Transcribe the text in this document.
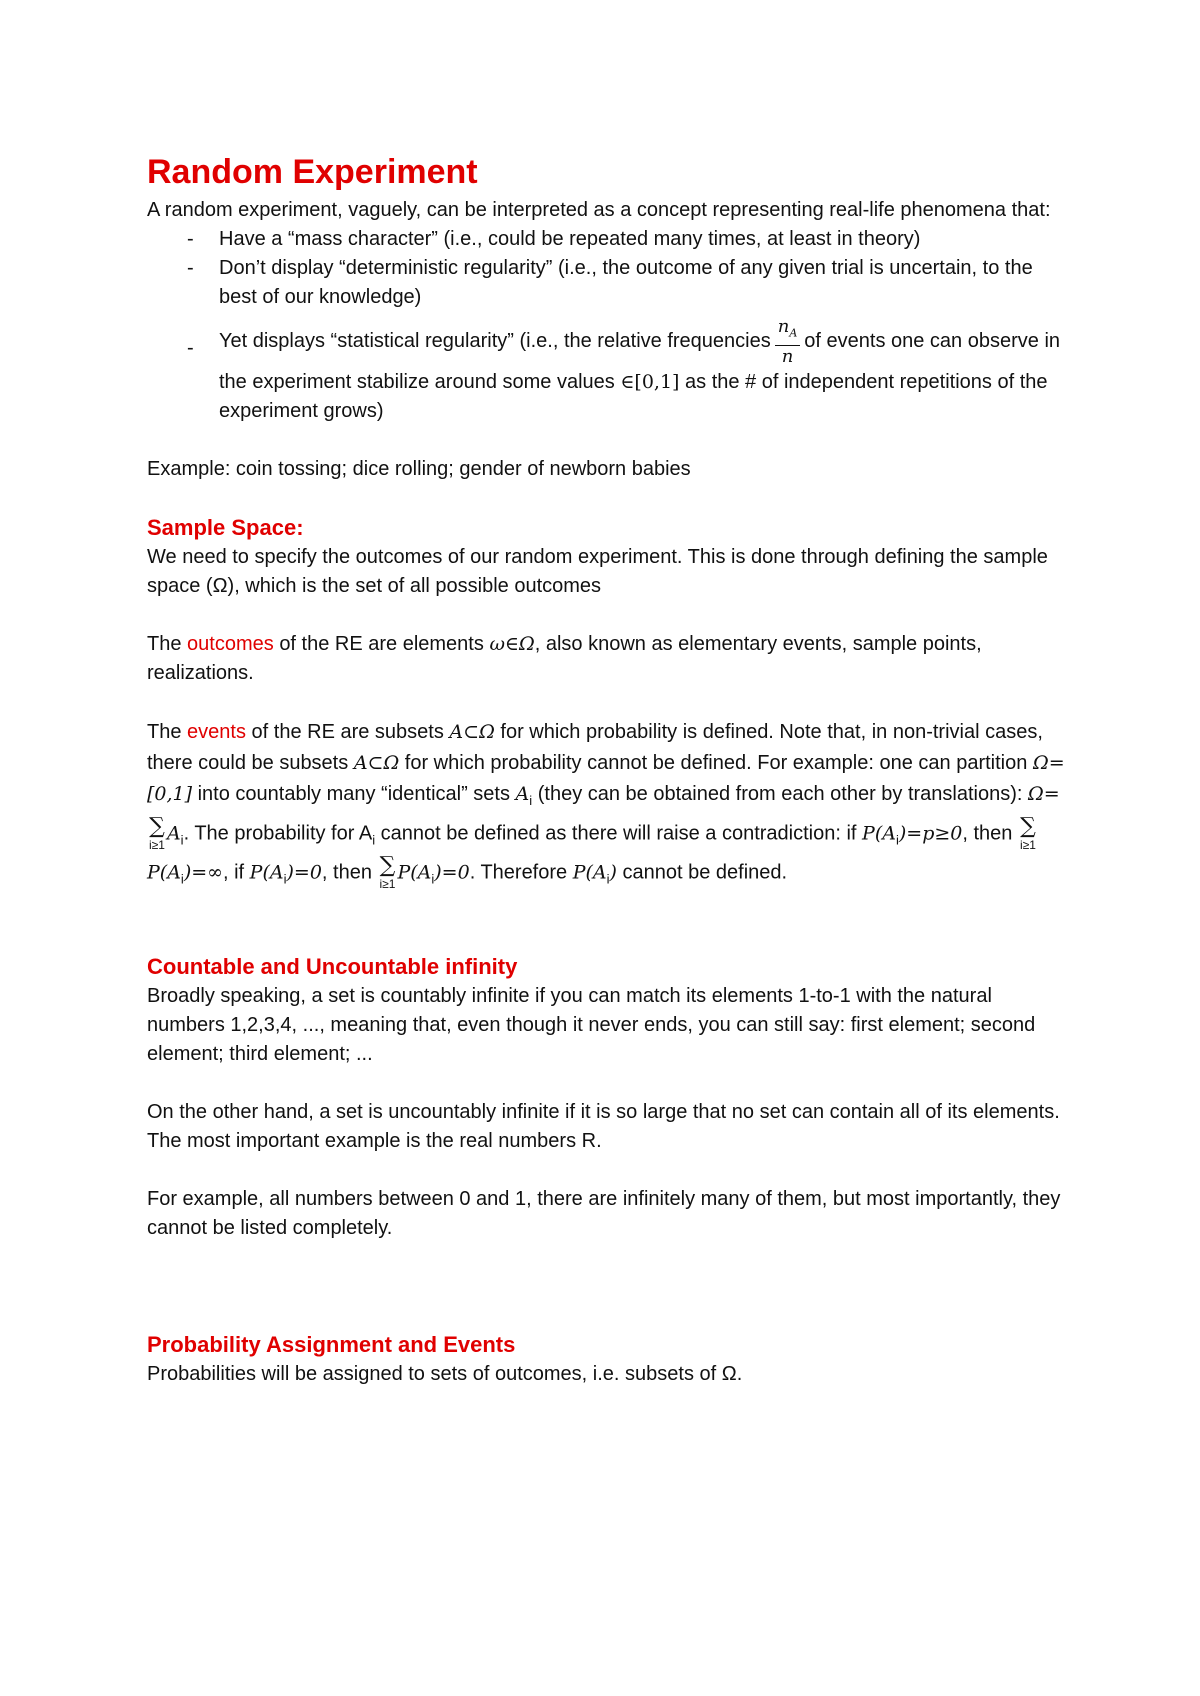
Random Experiment

A random experiment, vaguely, can be interpreted as a concept representing real-life phenomena that:

- Have a “mass character” (i.e., could be repeated many times, at least in theory)
- Don’t display “deterministic regularity” (i.e., the outcome of any given trial is uncertain, to the best of our knowledge)
- Yet displays “statistical regularity” (i.e., the relative frequencies $\frac{n_A}{n}$ of events one can observe in the experiment stabilize around some values ∈[0,1] as the # of independent repetitions of the experiment grows)

Example: coin tossing; dice rolling; gender of newborn babies

Sample Space:

We need to specify the outcomes of our random experiment. This is done through defining the sample space (Ω), which is the set of all possible outcomes

The outcomes of the RE are elements ω∈Ω, also known as elementary events, sample points, realizations.

The events of the RE are subsets A⊂Ω for which probability is defined. Note that, in non-trivial cases, there could be subsets A⊂Ω for which probability cannot be defined. For example: one can partition Ω=[0,1] into countably many “identical” sets $A_i$ (they can be obtained from each other by translations): Ω=
∑
i≥1
$A_i$. The probability for $A_i$ cannot be defined as there will raise a contradiction: if $P(A_i)=p\ge 0$, then ∑
i≥1
$P(A_i)=\infty$, if $P(A_i)=0$, then ∑
i≥1
$P(A_i)=0$. Therefore $P(A_i)$ cannot be defined.

Countable and Uncountable infinity

Broadly speaking, a set is countably infinite if you can match its elements 1-to-1 with the natural numbers 1,2,3,4, ..., meaning that, even though it never ends, you can still say: first element; second element; third element; ...

On the other hand, a set is uncountably infinite if it is so large that no set can contain all of its elements. The most important example is the real numbers R.

For example, all numbers between 0 and 1, there are infinitely many of them, but most importantly, they cannot be listed completely.

Probability Assignment and Events

Probabilities will be assigned to sets of outcomes, i.e. subsets of Ω.
